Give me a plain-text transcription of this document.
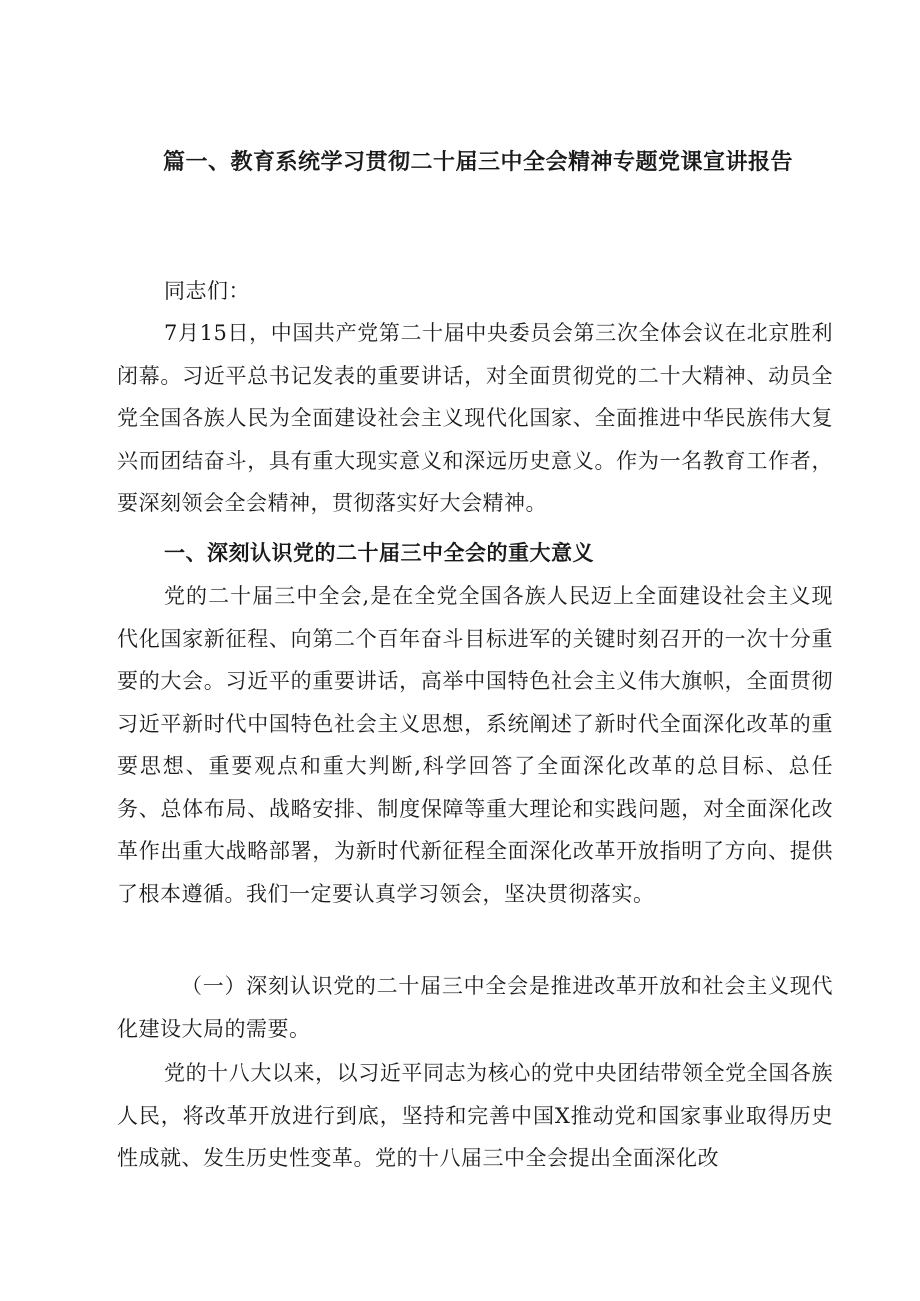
篇一、教育系统学习贯彻二十届三中全会精神专题党课宣讲报告

同志们：

7月15日，中国共产党第二十届中央委员会第三次全体会议在北京胜利闭幕。习近平总书记发表的重要讲话，对全面贯彻党的二十大精神、动员全党全国各族人民为全面建设社会主义现代化国家、全面推进中华民族伟大复兴而团结奋斗，具有重大现实意义和深远历史意义。作为一名教育工作者，要深刻领会全会精神，贯彻落实好大会精神。

一、深刻认识党的二十届三中全会的重大意义

党的二十届三中全会,是在全党全国各族人民迈上全面建设社会主义现代化国家新征程、向第二个百年奋斗目标进军的关键时刻召开的一次十分重要的大会。习近平的重要讲话，高举中国特色社会主义伟大旗帜，全面贯彻习近平新时代中国特色社会主义思想，系统阐述了新时代全面深化改革的重要思想、重要观点和重大判断,科学回答了全面深化改革的总目标、总任务、总体布局、战略安排、制度保障等重大理论和实践问题，对全面深化改革作出重大战略部署，为新时代新征程全面深化改革开放指明了方向、提供了根本遵循。我们一定要认真学习领会，坚决贯彻落实。

（一）深刻认识党的二十届三中全会是推进改革开放和社会主义现代化建设大局的需要。

党的十八大以来，以习近平同志为核心的党中央团结带领全党全国各族人民，将改革开放进行到底，坚持和完善中国X推动党和国家事业取得历史性成就、发生历史性变革。党的十八届三中全会提出全面深化改
